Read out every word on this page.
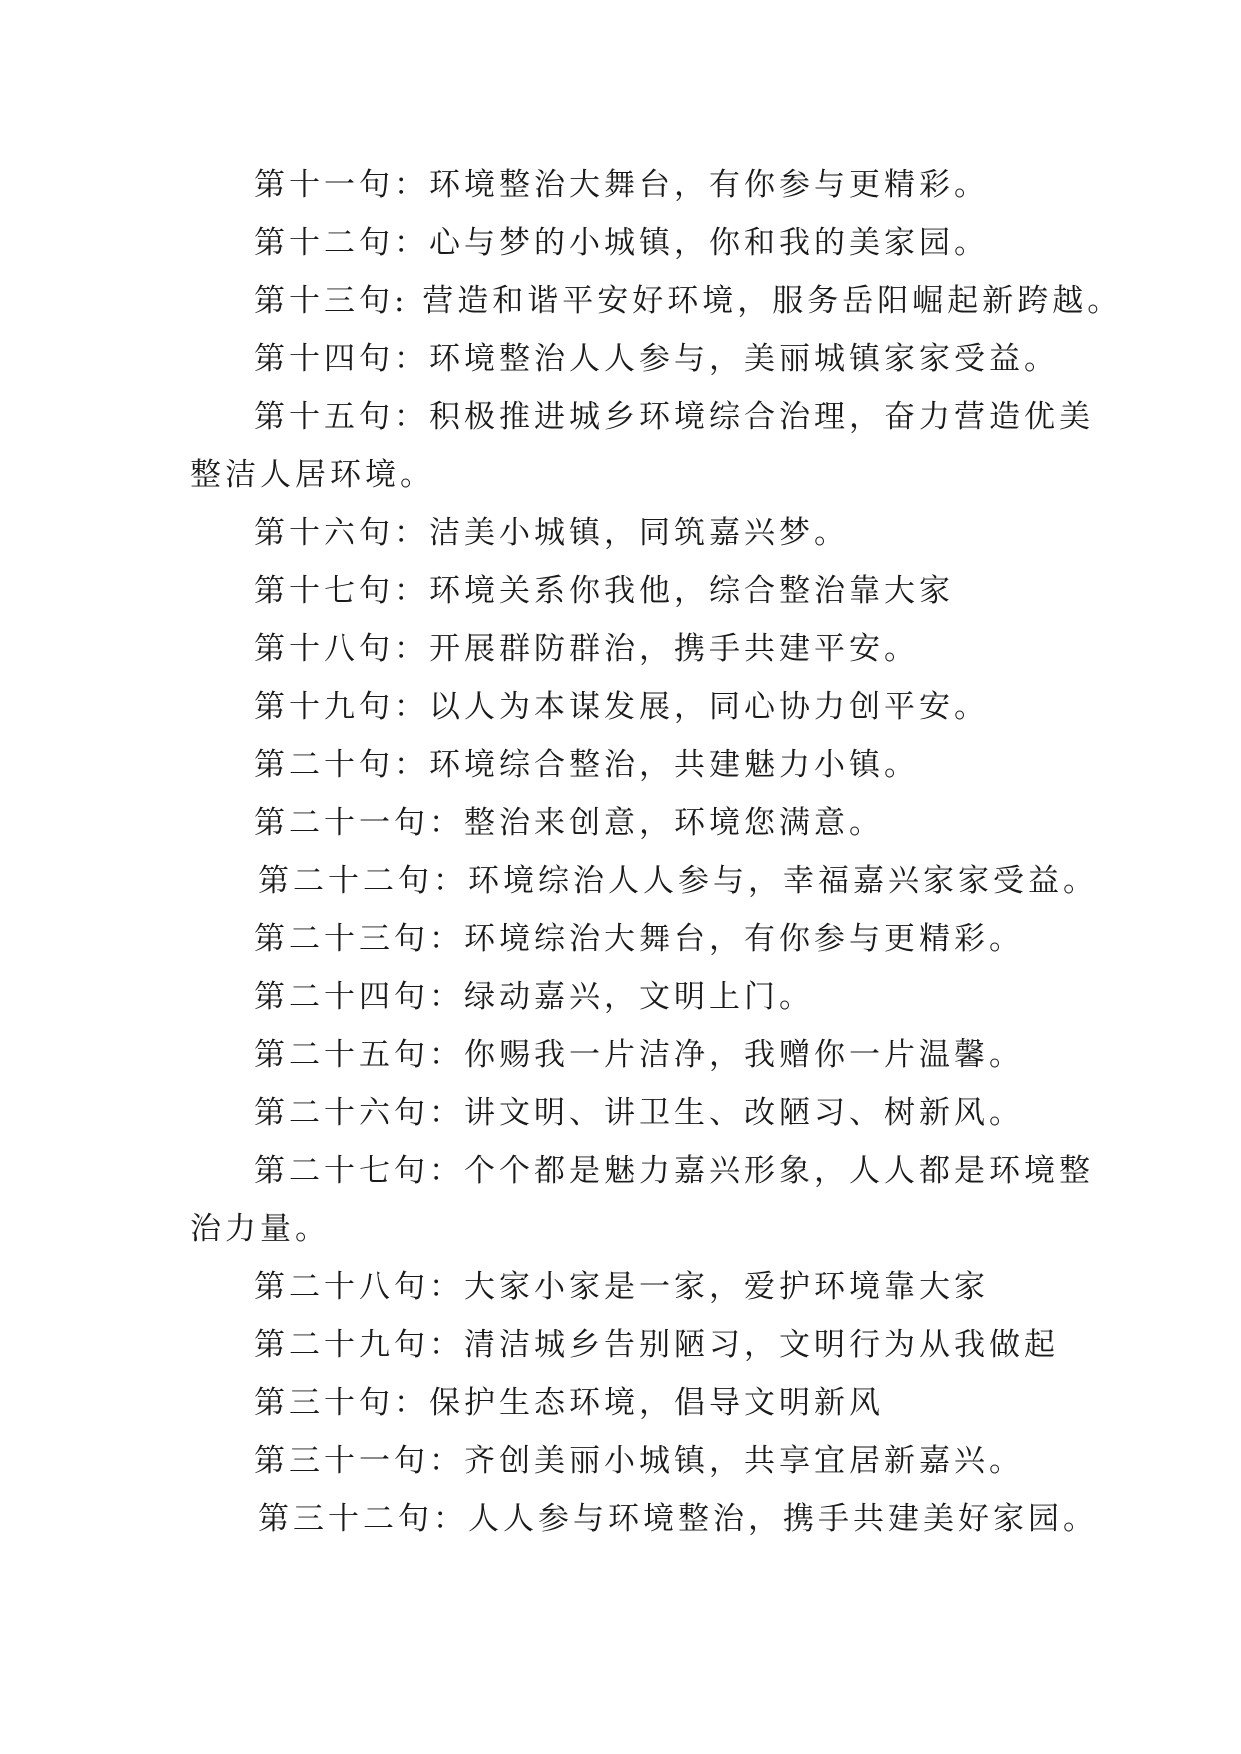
第十一句：环境整治大舞台，有你参与更精彩。
第十二句：心与梦的小城镇，你和我的美家园。
第十三句: 营造和谐平安好环境，服务岳阳崛起新跨越。
第十四句：环境整治人人参与，美丽城镇家家受益。
第十五句：积极推进城乡环境综合治理，奋力营造优美
整洁人居环境。
第十六句：洁美小城镇，同筑嘉兴梦。
第十七句：环境关系你我他，综合整治靠大家
第十八句：开展群防群治，携手共建平安。
第十九句：以人为本谋发展，同心协力创平安。
第二十句：环境综合整治，共建魅力小镇。
第二十一句：整治来创意，环境您满意。
第二十二句：环境综治人人参与，幸福嘉兴家家受益。
第二十三句：环境综治大舞台，有你参与更精彩。
第二十四句：绿动嘉兴，文明上门。
第二十五句：你赐我一片洁净，我赠你一片温馨。
第二十六句：讲文明、讲卫生、改陋习、树新风。
第二十七句：个个都是魅力嘉兴形象，人人都是环境整
治力量。
第二十八句：大家小家是一家，爱护环境靠大家
第二十九句：清洁城乡告别陋习，文明行为从我做起
第三十句：保护生态环境，倡导文明新风
第三十一句：齐创美丽小城镇，共享宜居新嘉兴。
第三十二句：人人参与环境整治，携手共建美好家园。
